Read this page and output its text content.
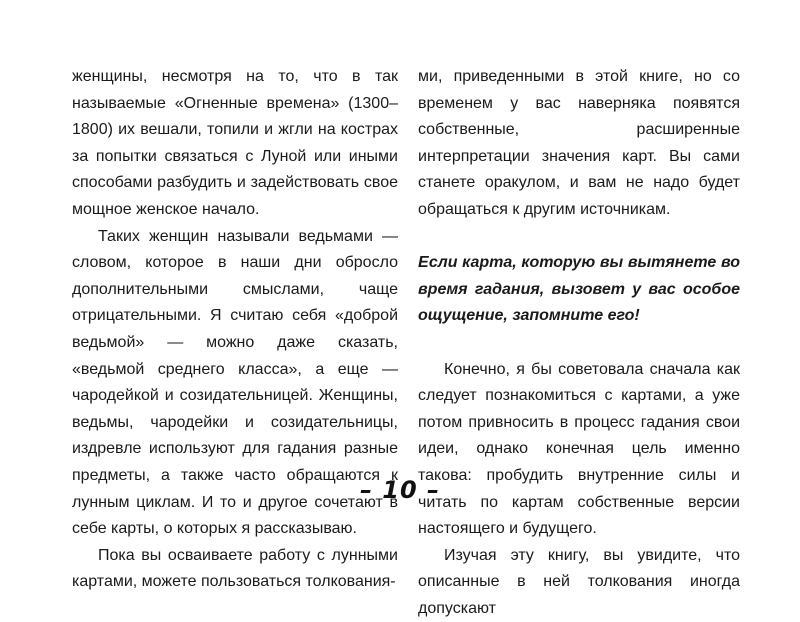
женщины, несмотря на то, что в так называемые «Огненные времена» (1300–1800) их вешали, топили и жгли на кострах за попытки связаться с Луной или иными способами разбудить и задействовать свое мощное женское начало.

Таких женщин называли ведьмами — словом, которое в наши дни обросло дополнительными смыслами, чаще отрицательными. Я считаю себя «доброй ведьмой» — можно даже сказать, «ведьмой среднего класса», а еще — чародейкой и созидательницей. Женщины, ведьмы, чародейки и созидательницы, издревле используют для гадания разные предметы, а также часто обращаются к лунным циклам. И то и другое сочетают в себе карты, о которых я рассказываю.

Пока вы осваиваете работу с лунными картами, можете пользоваться толкования-

ми, приведенными в этой книге, но со временем у вас наверняка появятся собственные, расширенные интерпретации значения карт. Вы сами станете оракулом, и вам не надо будет обращаться к другим источникам.

Если карта, которую вы вытянете во время гадания, вызовет у вас особое ощущение, запомните его!

Конечно, я бы советовала сначала как следует познакомиться с картами, а уже потом привносить в процесс гадания свои идеи, однако конечная цель именно такова: пробудить внутренние силы и читать по картам собственные версии настоящего и будущего.

Изучая эту книгу, вы увидите, что описанные в ней толкования иногда допускают

– 10 –
